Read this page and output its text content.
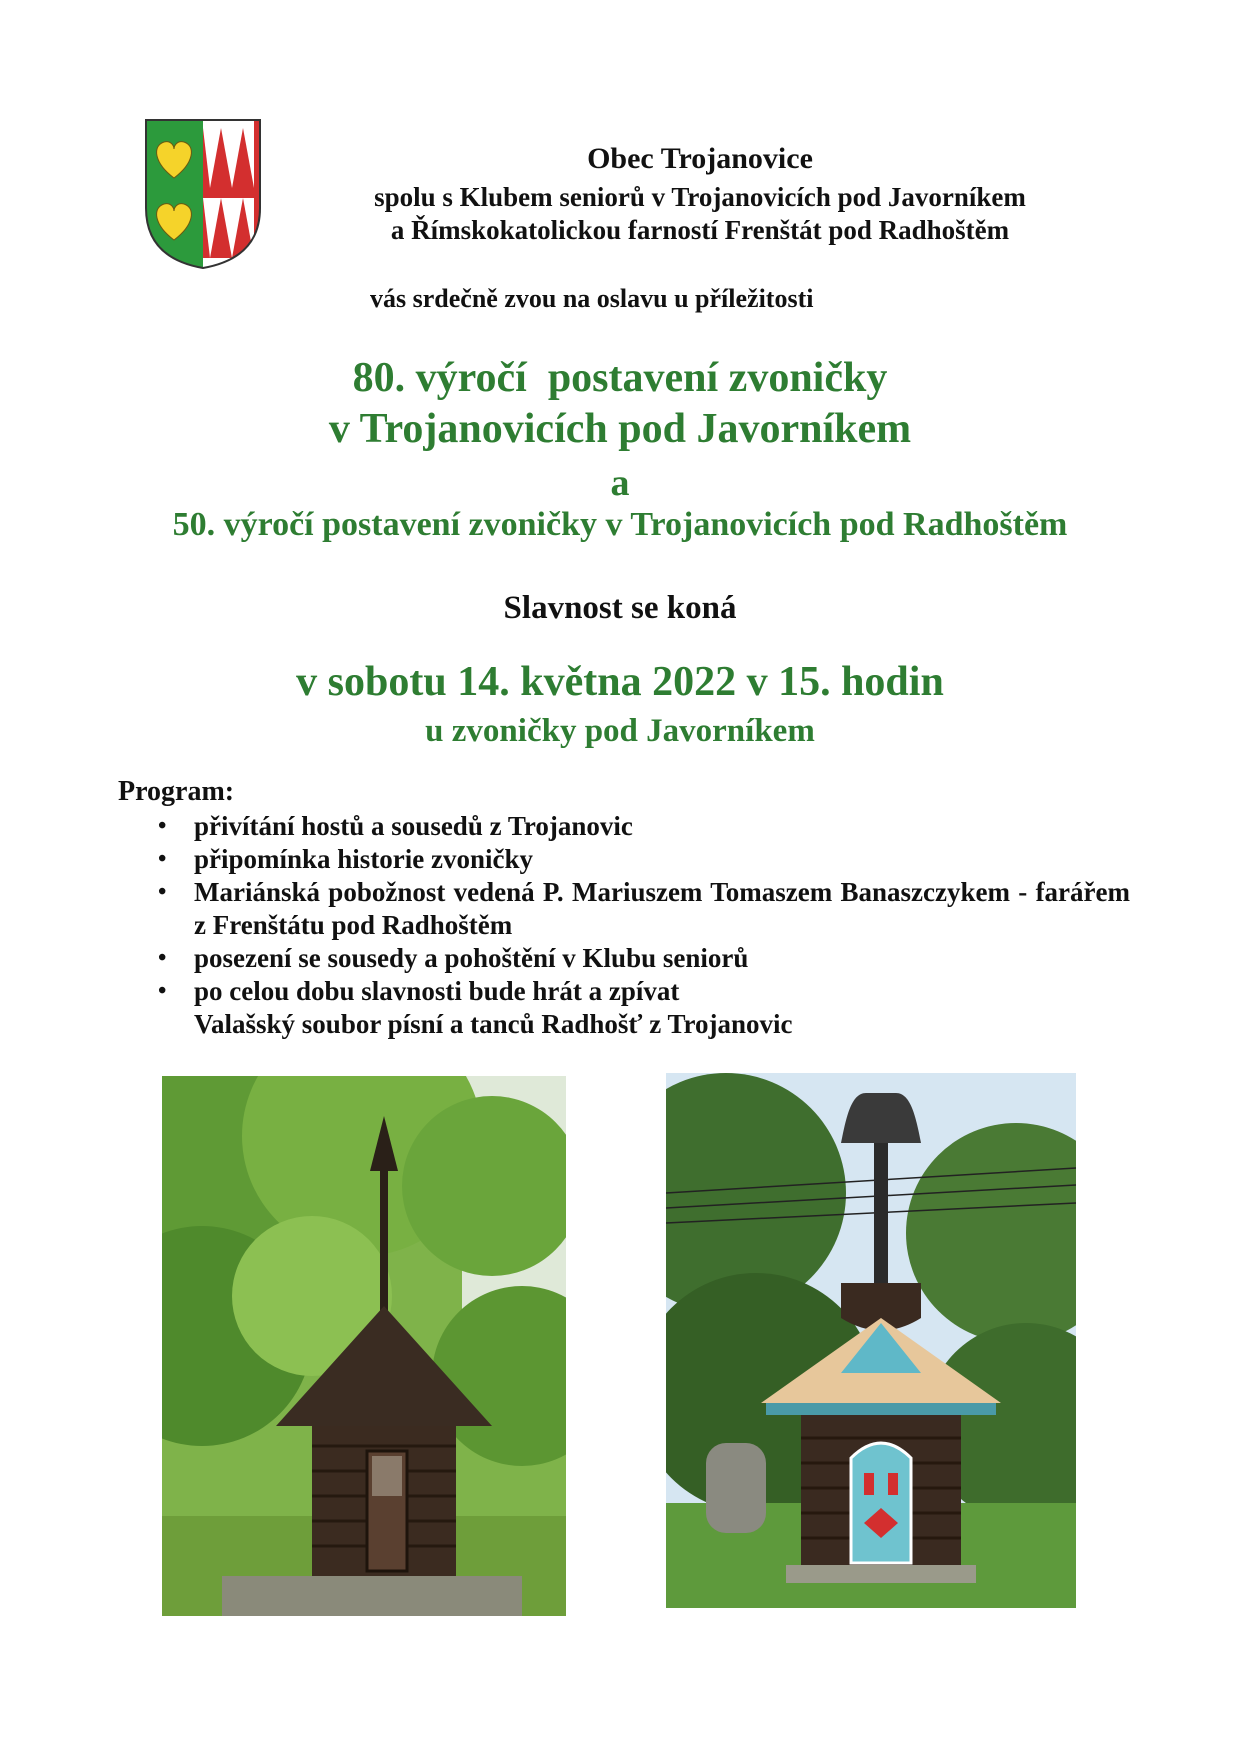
Obec Trojanovice
spolu s Klubem seniorů v Trojanovicích pod Javorníkem
a Římskokatolickou farností Frenštát pod Radhoštěm
vás srdečně zvou na oslavu u příležitosti
80. výročí  postavení zvoničky
v Trojanovicích pod Javorníkem
a
50. výročí postavení zvoničky v Trojanovicích pod Radhoštěm
Slavnost se koná
v sobotu 14. května 2022 v 15. hodin
u zvoničky pod Javorníkem
Program:
• přivítání hostů a sousedů z Trojanovic
• připomínka historie zvoničky
• Mariánská pobožnost vedená P. Mariuszem Tomaszem Banaszczykem - farářem z Frenštátu pod Radhoštěm
• posezení se sousedy a pohoštění v Klubu seniorů
• po celou dobu slavnosti bude hrát a zpívat
Valašský soubor písní a tanců Radhošť z Trojanovic
